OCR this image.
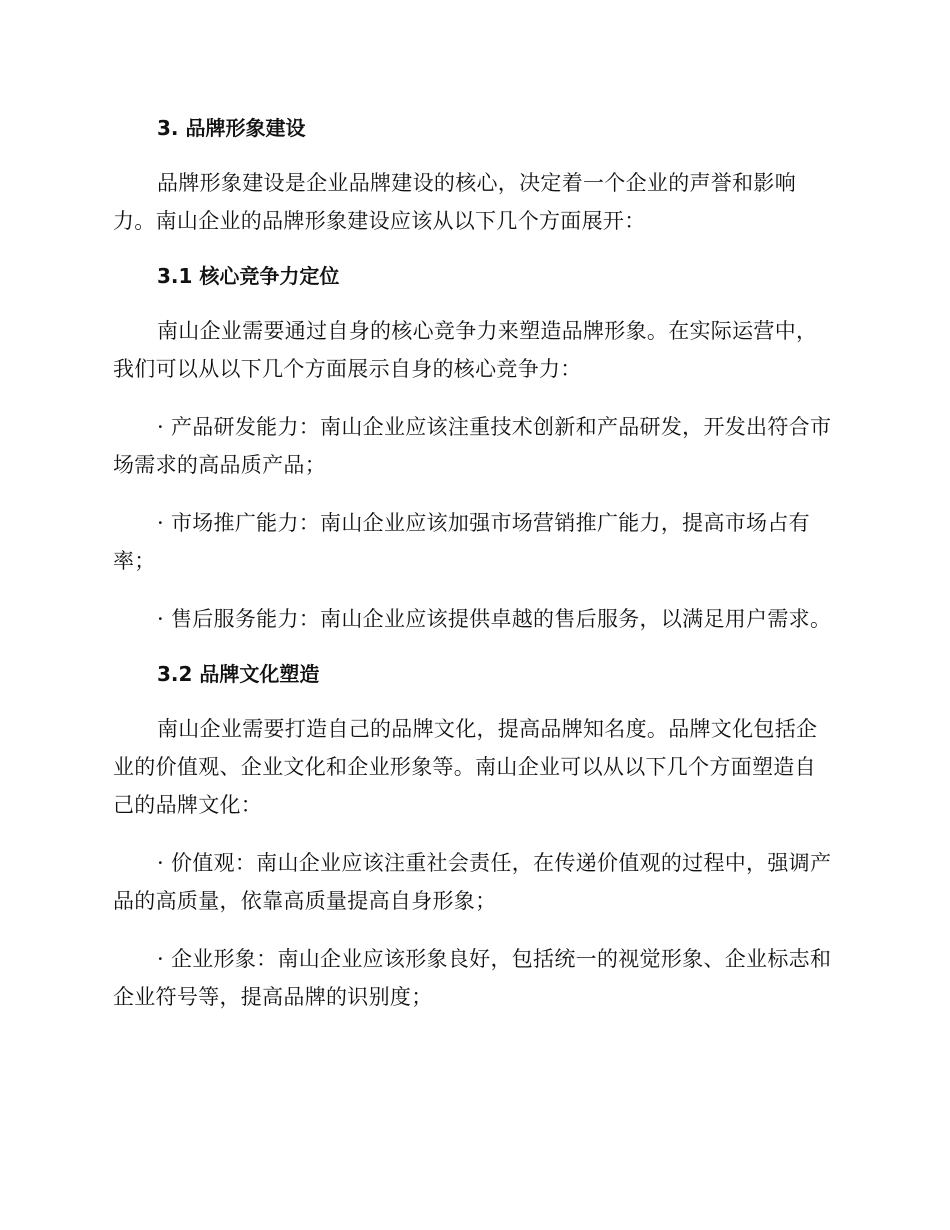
3. 品牌形象建设

品牌形象建设是企业品牌建设的核心，决定着一个企业的声誉和影响力。南山企业的品牌形象建设应该从以下几个方面展开：

3.1 核心竞争力定位

南山企业需要通过自身的核心竞争力来塑造品牌形象。在实际运营中，我们可以从以下几个方面展示自身的核心竞争力：

· 产品研发能力：南山企业应该注重技术创新和产品研发，开发出符合市场需求的高品质产品；

· 市场推广能力：南山企业应该加强市场营销推广能力，提高市场占有率；

· 售后服务能力：南山企业应该提供卓越的售后服务，以满足用户需求。

3.2 品牌文化塑造

南山企业需要打造自己的品牌文化，提高品牌知名度。品牌文化包括企业的价值观、企业文化和企业形象等。南山企业可以从以下几个方面塑造自己的品牌文化：

· 价值观：南山企业应该注重社会责任，在传递价值观的过程中，强调产品的高质量，依靠高质量提高自身形象；

· 企业形象：南山企业应该形象良好，包括统一的视觉形象、企业标志和企业符号等，提高品牌的识别度；
